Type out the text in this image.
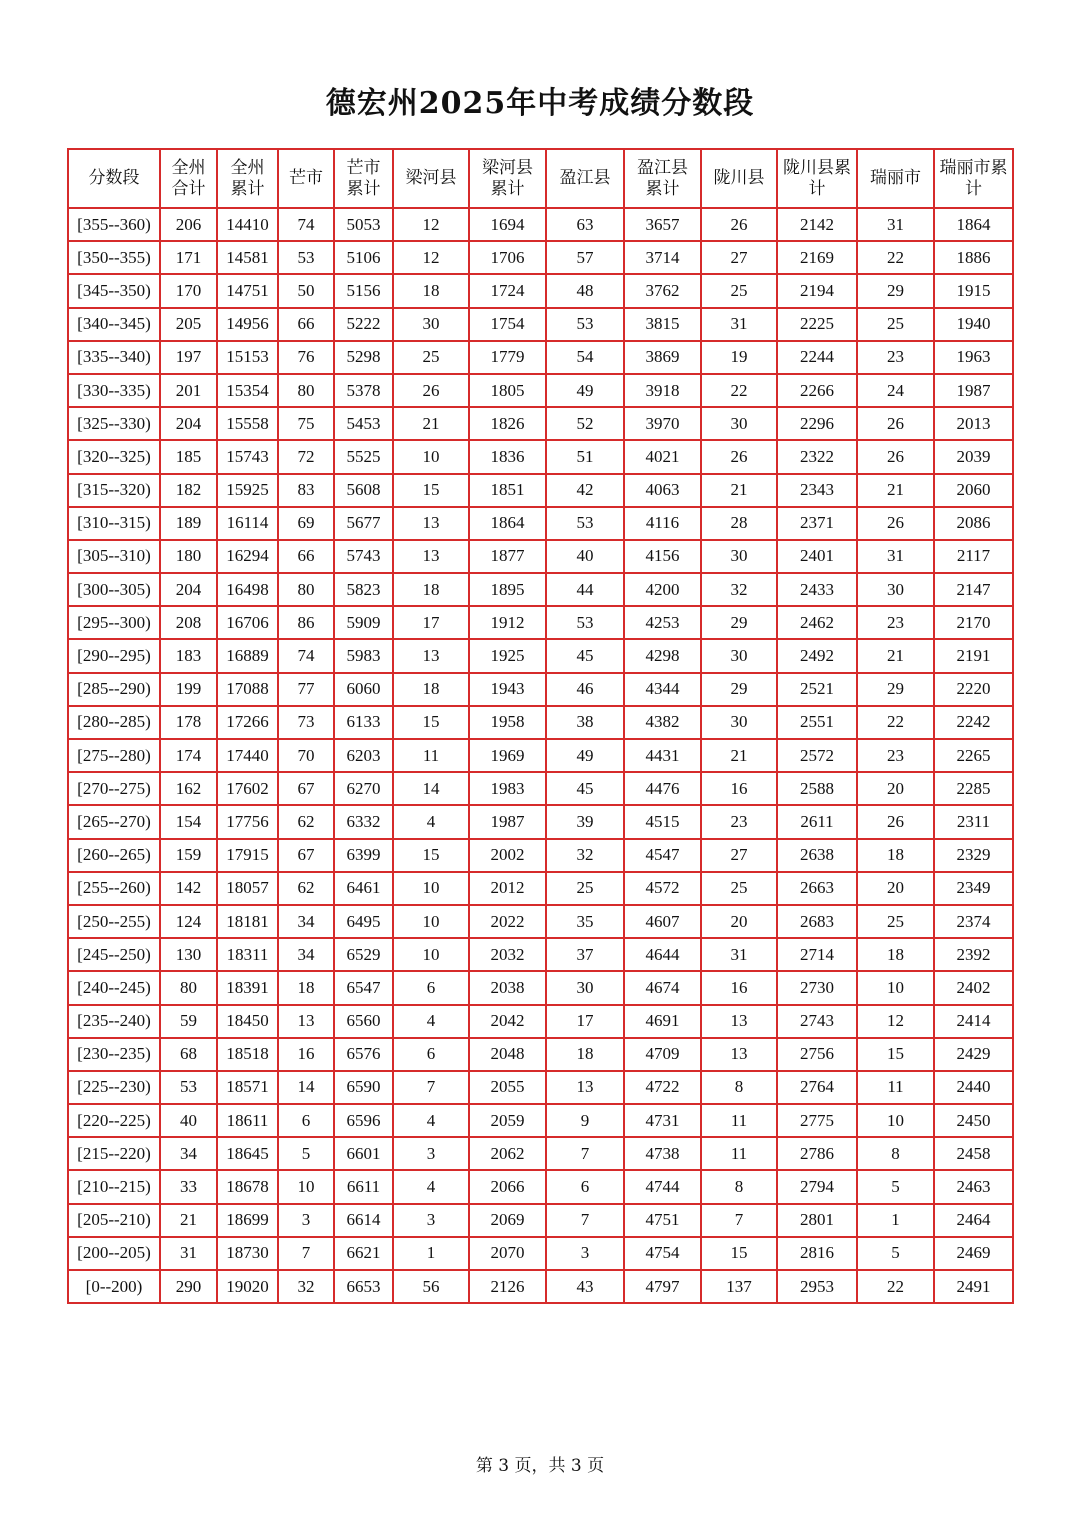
德宏州2025年中考成绩分数段
分数段	全州合计	全州累计	芒市	芒市累计	梁河县	梁河县累计	盈江县	盈江县累计	陇川县	陇川县累计	瑞丽市	瑞丽市累计
[355--360)	206	14410	74	5053	12	1694	63	3657	26	2142	31	1864
[350--355)	171	14581	53	5106	12	1706	57	3714	27	2169	22	1886
[345--350)	170	14751	50	5156	18	1724	48	3762	25	2194	29	1915
[340--345)	205	14956	66	5222	30	1754	53	3815	31	2225	25	1940
[335--340)	197	15153	76	5298	25	1779	54	3869	19	2244	23	1963
[330--335)	201	15354	80	5378	26	1805	49	3918	22	2266	24	1987
[325--330)	204	15558	75	5453	21	1826	52	3970	30	2296	26	2013
[320--325)	185	15743	72	5525	10	1836	51	4021	26	2322	26	2039
[315--320)	182	15925	83	5608	15	1851	42	4063	21	2343	21	2060
[310--315)	189	16114	69	5677	13	1864	53	4116	28	2371	26	2086
[305--310)	180	16294	66	5743	13	1877	40	4156	30	2401	31	2117
[300--305)	204	16498	80	5823	18	1895	44	4200	32	2433	30	2147
[295--300)	208	16706	86	5909	17	1912	53	4253	29	2462	23	2170
[290--295)	183	16889	74	5983	13	1925	45	4298	30	2492	21	2191
[285--290)	199	17088	77	6060	18	1943	46	4344	29	2521	29	2220
[280--285)	178	17266	73	6133	15	1958	38	4382	30	2551	22	2242
[275--280)	174	17440	70	6203	11	1969	49	4431	21	2572	23	2265
[270--275)	162	17602	67	6270	14	1983	45	4476	16	2588	20	2285
[265--270)	154	17756	62	6332	4	1987	39	4515	23	2611	26	2311
[260--265)	159	17915	67	6399	15	2002	32	4547	27	2638	18	2329
[255--260)	142	18057	62	6461	10	2012	25	4572	25	2663	20	2349
[250--255)	124	18181	34	6495	10	2022	35	4607	20	2683	25	2374
[245--250)	130	18311	34	6529	10	2032	37	4644	31	2714	18	2392
[240--245)	80	18391	18	6547	6	2038	30	4674	16	2730	10	2402
[235--240)	59	18450	13	6560	4	2042	17	4691	13	2743	12	2414
[230--235)	68	18518	16	6576	6	2048	18	4709	13	2756	15	2429
[225--230)	53	18571	14	6590	7	2055	13	4722	8	2764	11	2440
[220--225)	40	18611	6	6596	4	2059	9	4731	11	2775	10	2450
[215--220)	34	18645	5	6601	3	2062	7	4738	11	2786	8	2458
[210--215)	33	18678	10	6611	4	2066	6	4744	8	2794	5	2463
[205--210)	21	18699	3	6614	3	2069	7	4751	7	2801	1	2464
[200--205)	31	18730	7	6621	1	2070	3	4754	15	2816	5	2469
[0--200)	290	19020	32	6653	56	2126	43	4797	137	2953	22	2491
第 3 页，共 3 页
